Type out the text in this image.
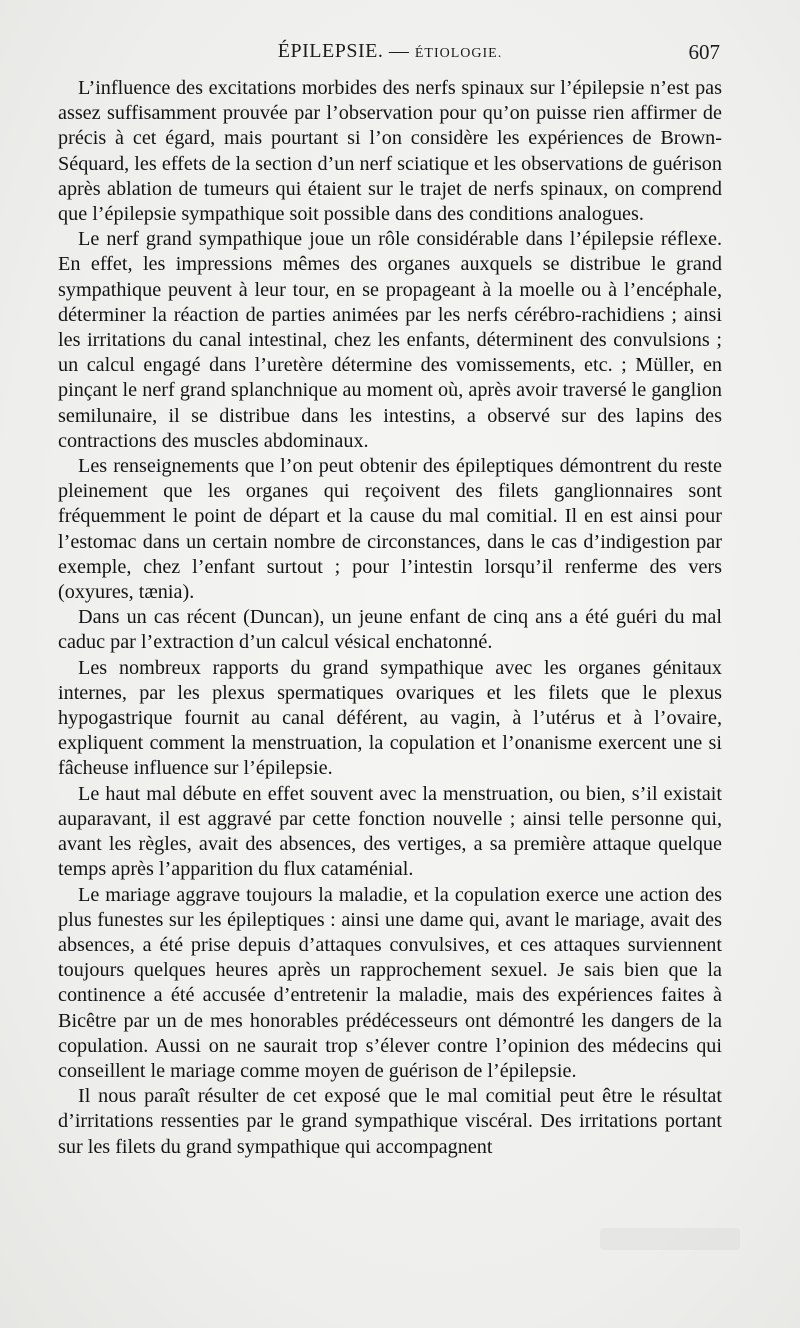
ÉPILEPSIE. — ÉTIOLOGIE.	607

L’influence des excitations morbides des nerfs spinaux sur l’épilepsie n’est pas assez suffisamment prouvée par l’observation pour qu’on puisse rien affirmer de précis à cet égard, mais pourtant si l’on considère les expériences de Brown-Séquard, les effets de la section d’un nerf sciatique et les observations de guérison après ablation de tumeurs qui étaient sur le trajet de nerfs spinaux, on comprend que l’épilepsie sympathique soit possible dans des conditions analogues.

Le nerf grand sympathique joue un rôle considérable dans l’épilepsie réflexe. En effet, les impressions mêmes des organes auxquels se distribue le grand sympathique peuvent à leur tour, en se propageant à la moelle ou à l’encéphale, déterminer la réaction de parties animées par les nerfs cérébro-rachidiens ; ainsi les irritations du canal intestinal, chez les enfants, déterminent des convulsions ; un calcul engagé dans l’uretère détermine des vomissements, etc. ; Müller, en pinçant le nerf grand splanchnique au moment où, après avoir traversé le ganglion semilunaire, il se distribue dans les intestins, a observé sur des lapins des contractions des muscles abdominaux.

Les renseignements que l’on peut obtenir des épileptiques démontrent du reste pleinement que les organes qui reçoivent des filets ganglionnaires sont fréquemment le point de départ et la cause du mal comitial. Il en est ainsi pour l’estomac dans un certain nombre de circonstances, dans le cas d’indigestion par exemple, chez l’enfant surtout ; pour l’intestin lorsqu’il renferme des vers (oxyures, tænia).

Dans un cas récent (Duncan), un jeune enfant de cinq ans a été guéri du mal caduc par l’extraction d’un calcul vésical enchatonné.

Les nombreux rapports du grand sympathique avec les organes génitaux internes, par les plexus spermatiques ovariques et les filets que le plexus hypogastrique fournit au canal déférent, au vagin, à l’utérus et à l’ovaire, expliquent comment la menstruation, la copulation et l’onanisme exercent une si fâcheuse influence sur l’épilepsie.

Le haut mal débute en effet souvent avec la menstruation, ou bien, s’il existait auparavant, il est aggravé par cette fonction nouvelle ; ainsi telle personne qui, avant les règles, avait des absences, des vertiges, a sa première attaque quelque temps après l’apparition du flux cataménial.

Le mariage aggrave toujours la maladie, et la copulation exerce une action des plus funestes sur les épileptiques : ainsi une dame qui, avant le mariage, avait des absences, a été prise depuis d’attaques convulsives, et ces attaques surviennent toujours quelques heures après un rapprochement sexuel. Je sais bien que la continence a été accusée d’entretenir la maladie, mais des expériences faites à Bicêtre par un de mes honorables prédécesseurs ont démontré les dangers de la copulation. Aussi on ne saurait trop s’élever contre l’opinion des médecins qui conseillent le mariage comme moyen de guérison de l’épilepsie.

Il nous paraît résulter de cet exposé que le mal comitial peut être le résultat d’irritations ressenties par le grand sympathique viscéral. Des irritations portant sur les filets du grand sympathique qui accompagnent
